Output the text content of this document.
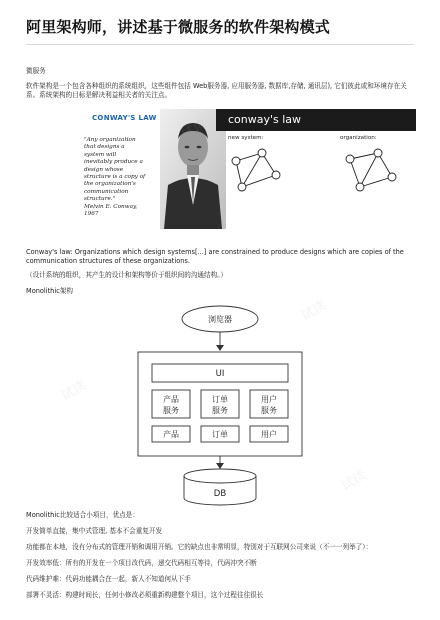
阿里架构师，讲述基于微服务的软件架构模式
微服务
软件架构是一个包含各种组织的系统组织，这些组件包括 Web服务器, 应用服务器, 数据库,存储, 通讯层), 它们彼此或和环境存在关系。系统架构的目标是解决利益相关者的关注点。
CONWAY'S LAW
"Any organization
that designs a
system will
inevitably produce a
design whose
structure is a copy of
the organization's
communication
structure."
Melvin E. Conway,
1967
conway's law
new system:	organization:
Conway's law: Organizations which design systems[...] are constrained to produce designs which are copies of the communication structures of these organizations.
（设计系统的组织，其产生的设计和架构等价于组织间的沟通结构。）
Monolithic架构
浏览器
UI
产品
服务
订单
服务
用户
服务
产品	订单	用户
DB
Monolithic比较适合小项目，优点是：
开发简单直接，集中式管理, 基本不会重复开发
功能都在本地，没有分布式的管理开销和调用开销。它的缺点也非常明显，特别对于互联网公司来说（不一一列举了）：
开发效率低：所有的开发在一个项目改代码，递交代码相互等待，代码冲突不断
代码维护难：代码功能耦合在一起，新人不知道何从下手
部署不灵活：构建时间长，任何小修改必须重新构建整个项目，这个过程往往很长
试读
试读
试读
